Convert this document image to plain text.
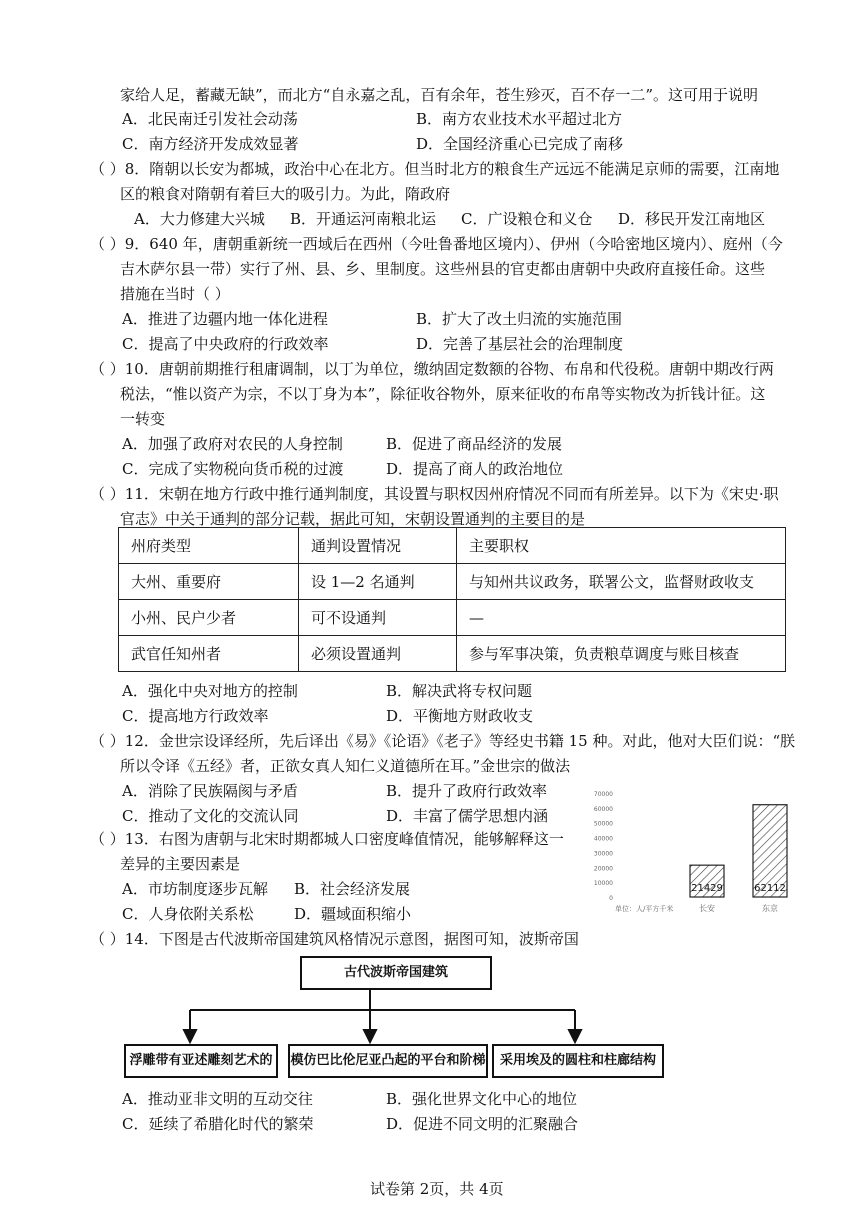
家给人足，蓄藏无缺”，而北方“自永嘉之乱，百有余年，苍生殄灭，百不存一二”。这可用于说明
A．北民南迁引发社会动荡	B．南方农业技术水平超过北方
C．南方经济开发成效显著	D．全国经济重心已完成了南移
（ ）8．隋朝以长安为都城，政治中心在北方。但当时北方的粮食生产远远不能满足京师的需要，江南地
区的粮食对隋朝有着巨大的吸引力。为此，隋政府
A．大力修建大兴城 B．开通运河南粮北运 C．广设粮仓和义仓 D．移民开发江南地区
（ ）9．640 年，唐朝重新统一西域后在西州（今吐鲁番地区境内）、伊州（今哈密地区境内）、庭州（今
吉木萨尔县一带）实行了州、县、乡、里制度。这些州县的官吏都由唐朝中央政府直接任命。这些
措施在当时（ ）
A．推进了边疆内地一体化进程	B．扩大了改土归流的实施范围
C．提高了中央政府的行政效率	D．完善了基层社会的治理制度
（ ）10．唐朝前期推行租庸调制，以丁为单位，缴纳固定数额的谷物、布帛和代役税。唐朝中期改行两
税法，“惟以资产为宗，不以丁身为本”，除征收谷物外，原来征收的布帛等实物改为折钱计征。这
一转变
A．加强了政府对农民的人身控制	B．促进了商品经济的发展
C．完成了实物税向货币税的过渡	D．提高了商人的政治地位
（ ）11．宋朝在地方行政中推行通判制度，其设置与职权因州府情况不同而有所差异。以下为《宋史·职
官志》中关于通判的部分记载，据此可知，宋朝设置通判的主要目的是
州府类型	通判设置情况	主要职权
大州、重要府	设 1—2 名通判	与知州共议政务，联署公文，监督财政收支
小州、民户少者	可不设通判	—
武官任知州者	必须设置通判	参与军事决策，负责粮草调度与账目核查
A．强化中央对地方的控制	B．解决武将专权问题
C．提高地方行政效率	D．平衡地方财政收支
（ ）12．金世宗设译经所，先后译出《易》《论语》《老子》等经史书籍 15 种。对此，他对大臣们说：“朕
所以令译《五经》者，正欲女真人知仁义道德所在耳。”金世宗的做法
A．消除了民族隔阂与矛盾	B．提升了政府行政效率
C．推动了文化的交流认同	D．丰富了儒学思想内涵
（ ）13．右图为唐朝与北宋时期都城人口密度峰值情况，能够解释这一
差异的主要因素是
A．市坊制度逐步瓦解 B．社会经济发展
C．人身依附关系松	D．疆域面积缩小
70000
60000
50000
40000
30000
20000
10000
0
21429
长安
62112
东京
单位：人/平方千米
（ ）14．下图是古代波斯帝国建筑风格情况示意图，据图可知，波斯帝国
古代波斯帝国建筑
浮雕带有亚述雕刻艺术的	模仿巴比伦尼亚凸起的平台和阶梯	采用埃及的圆柱和柱廊结构
A．推动亚非文明的互动交往	B．强化世界文化中心的地位
C．延续了希腊化时代的繁荣	D．促进不同文明的汇聚融合
试卷第 2页，共 4页
